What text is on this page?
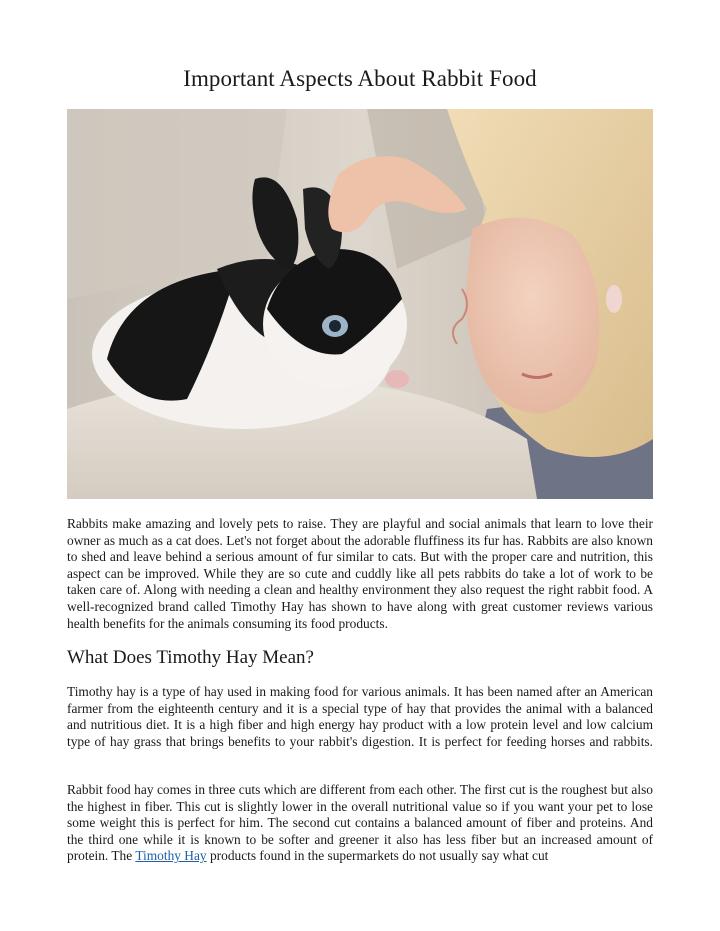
Important Aspects About Rabbit Food

Rabbits make amazing and lovely pets to raise. They are playful and social animals that learn to love their owner as much as a cat does. Let's not forget about the adorable fluffiness its fur has. Rabbits are also known to shed and leave behind a serious amount of fur similar to cats. But with the proper care and nutrition, this aspect can be improved. While they are so cute and cuddly like all pets rabbits do take a lot of work to be taken care of. Along with needing a clean and healthy environment they also request the right rabbit food. A well-recognized brand called Timothy Hay has shown to have along with great customer reviews various health benefits for the animals consuming its food products.

What Does Timothy Hay Mean?

Timothy hay is a type of hay used in making food for various animals. It has been named after an American farmer from the eighteenth century and it is a special type of hay that provides the animal with a balanced and nutritious diet. It is a high fiber and high energy hay product with a low protein level and low calcium type of hay grass that brings benefits to your rabbit's digestion. It is perfect for feeding horses and rabbits.

Rabbit food hay comes in three cuts which are different from each other. The first cut is the roughest but also the highest in fiber. This cut is slightly lower in the overall nutritional value so if you want your pet to lose some weight this is perfect for him. The second cut contains a balanced amount of fiber and proteins. And the third one while it is known to be softer and greener it also has less fiber but an increased amount of protein. The Timothy Hay products found in the supermarkets do not usually say what cut
